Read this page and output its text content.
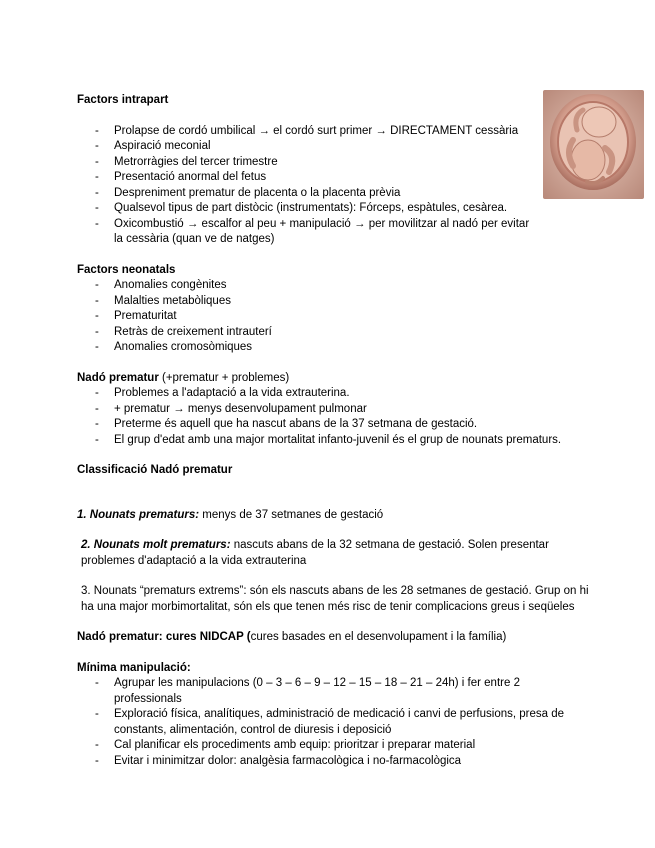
Factors intrapart

- Prolapse de cordó umbilical → el cordó surt primer → DIRECTAMENT cessària
- Aspiració meconial
- Metrorràgies del tercer trimestre
- Presentació anormal del fetus
- Despreniment prematur de placenta o la placenta prèvia
- Qualsevol tipus de part distòcic (instrumentats): Fórceps, espàtules, cesàrea.
- Oxicombustió → escalfor al peu + manipulació → per movilitzar al nadó per evitar la cessària (quan ve de natges)

Factors neonatals

- Anomalies congènites
- Malalties metabòliques
- Prematuritat
- Retràs de creixement intrauterí
- Anomalies cromosòmiques

Nadó prematur (+prematur + problemes)

- Problemes a l'adaptació a la vida extrauterina.
- + prematur → menys desenvolupament pulmonar
- Preterme és aquell que ha nascut abans de la 37 setmana de gestació.
- El grup d'edat amb una major mortalitat infanto-juvenil és el grup de nounats prematurs.

Classificació Nadó prematur

1. Nounats prematurs: menys de 37 setmanes de gestació

2. Nounats molt prematurs: nascuts abans de la 32 setmana de gestació. Solen presentar problemes d'adaptació a la vida extrauterina

3. Nounats “prematurs extrems”: són els nascuts abans de les 28 setmanes de gestació. Grup on hi ha una major morbimortalitat, són els que tenen més risc de tenir complicacions greus i seqüeles

Nadó prematur: cures NIDCAP (cures basades en el desenvolupament i la família)

Mínima manipulació:

- Agrupar les manipulacions (0 – 3 – 6 – 9 – 12 – 15 – 18 – 21 – 24h) i fer entre 2 professionals
- Exploració física, analítiques, administració de medicació i canvi de perfusions, presa de constants, alimentación, control de diuresis i deposició
- Cal planificar els procediments amb equip: prioritzar i preparar material
- Evitar i minimitzar dolor: analgèsia farmacològica i no-farmacològica
